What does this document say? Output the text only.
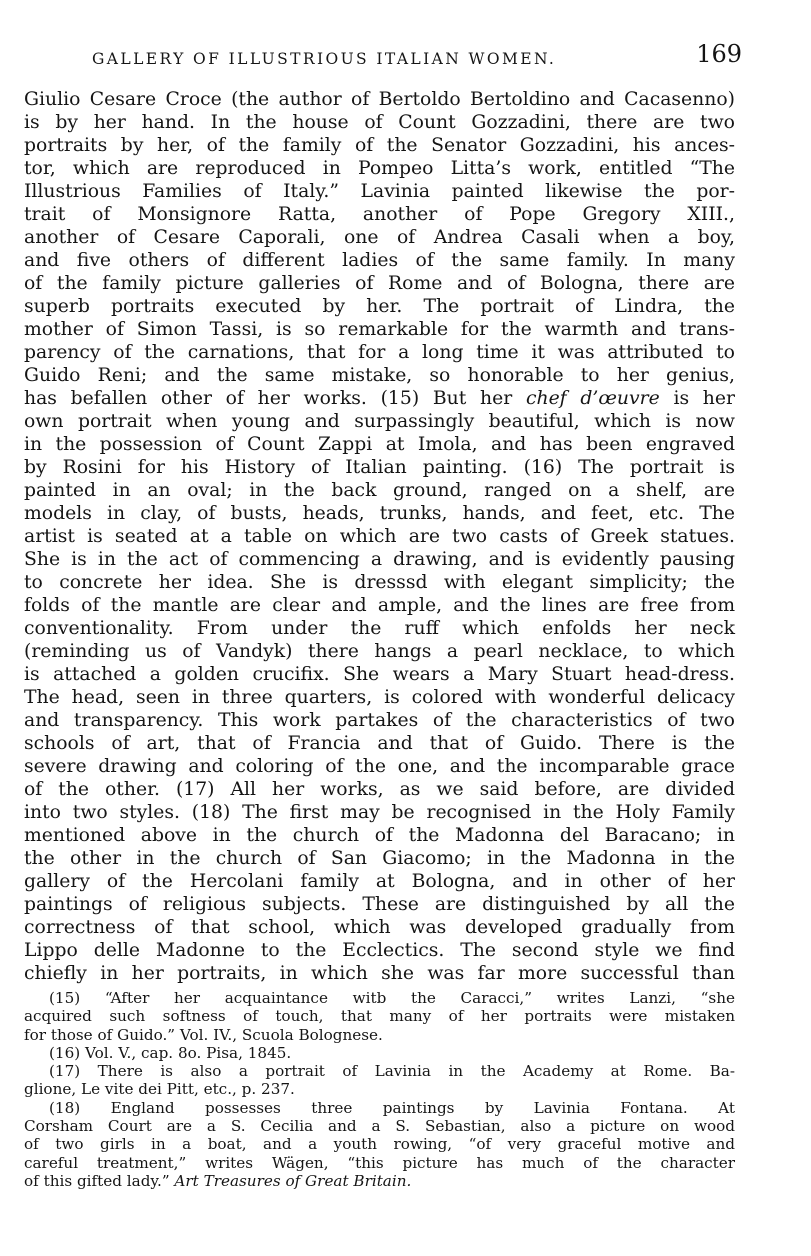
GALLERY OF ILLUSTRIOUS ITALIAN WOMEN.	169
Giulio Cesare Croce (the author of Bertoldo Bertoldino and Cacasenno)
is by her hand. In the house of Count Gozzadini, there are two
portraits by her, of the family of the Senator Gozzadini, his ances-
tor, which are reproduced in Pompeo Litta’s work, entitled “The
Illustrious Families of Italy.” Lavinia painted likewise the por-
trait of Monsignore Ratta, another of Pope Gregory XIII.,
another of Cesare Caporali, one of Andrea Casali when a boy,
and five others of different ladies of the same family. In many
of the family picture galleries of Rome and of Bologna, there are
superb portraits executed by her. The portrait of Lindra, the
mother of Simon Tassi, is so remarkable for the warmth and trans-
parency of the carnations, that for a long time it was attributed to
Guido Reni; and the same mistake, so honorable to her genius,
has befallen other of her works. (15) But her chef d’œuvre is her
own portrait when young and surpassingly beautiful, which is now
in the possession of Count Zappi at Imola, and has been engraved
by Rosini for his History of Italian painting. (16) The portrait is
painted in an oval; in the back ground, ranged on a shelf, are
models in clay, of busts, heads, trunks, hands, and feet, etc. The
artist is seated at a table on which are two casts of Greek statues.
She is in the act of commencing a drawing, and is evidently pausing
to concrete her idea. She is dresssd with elegant simplicity; the
folds of the mantle are clear and ample, and the lines are free from
conventionality. From under the ruff which enfolds her neck
(reminding us of Vandyk) there hangs a pearl necklace, to which
is attached a golden crucifix. She wears a Mary Stuart head-dress.
The head, seen in three quarters, is colored with wonderful delicacy
and transparency. This work partakes of the characteristics of two
schools of art, that of Francia and that of Guido. There is the
severe drawing and coloring of the one, and the incomparable grace
of the other. (17) All her works, as we said before, are divided
into two styles. (18) The first may be recognised in the Holy Family
mentioned above in the church of the Madonna del Baracano; in
the other in the church of San Giacomo; in the Madonna in the
gallery of the Hercolani family at Bologna, and in other of her
paintings of religious subjects. These are distinguished by all the
correctness of that school, which was developed gradually from
Lippo delle Madonne to the Ecclectics. The second style we find
chiefly in her portraits, in which she was far more successful than
(15) “After her acquaintance witb the Caracci,” writes Lanzi, “she
acquired such softness of touch, that many of her portraits were mistaken
for those of Guido.” Vol. IV., Scuola Bolognese.
(16) Vol. V., cap. 8o. Pisa, 1845.
(17) There is also a portrait of Lavinia in the Academy at Rome. Ba-
glione, Le vite dei Pitt, etc., p. 237.
(18) England possesses three paintings by Lavinia Fontana. At
Corsham Court are a S. Cecilia and a S. Sebastian, also a picture on wood
of two girls in a boat, and a youth rowing, “of very graceful motive and
careful treatment,” writes Wägen, “this picture has much of the character
of this gifted lady.” Art Treasures of Great Britain.
